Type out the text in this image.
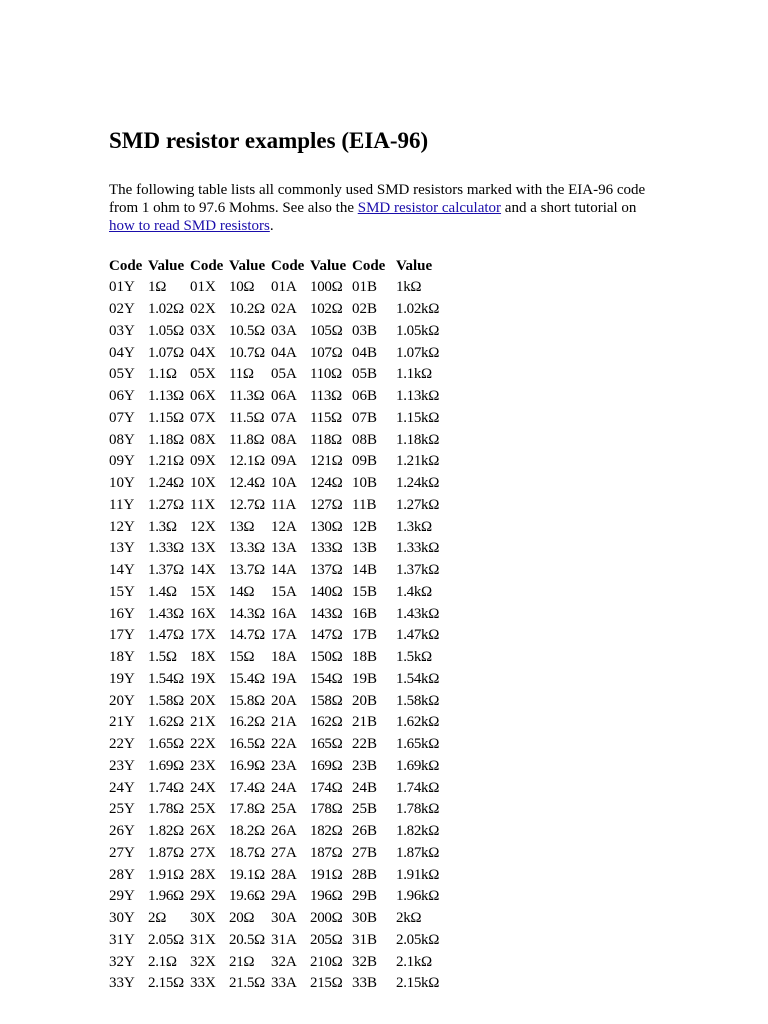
SMD resistor examples (EIA-96)
The following table lists all commonly used SMD resistors marked with the EIA-96 code from 1 ohm to 97.6 Mohms. See also the SMD resistor calculator and a short tutorial on how to read SMD resistors.
Code	Value	Code	Value	Code	Value	Code	Value
01Y	1Ω	01X	10Ω	01A	100Ω	01B	1kΩ
02Y	1.02Ω	02X	10.2Ω	02A	102Ω	02B	1.02kΩ
03Y	1.05Ω	03X	10.5Ω	03A	105Ω	03B	1.05kΩ
04Y	1.07Ω	04X	10.7Ω	04A	107Ω	04B	1.07kΩ
05Y	1.1Ω	05X	11Ω	05A	110Ω	05B	1.1kΩ
06Y	1.13Ω	06X	11.3Ω	06A	113Ω	06B	1.13kΩ
07Y	1.15Ω	07X	11.5Ω	07A	115Ω	07B	1.15kΩ
08Y	1.18Ω	08X	11.8Ω	08A	118Ω	08B	1.18kΩ
09Y	1.21Ω	09X	12.1Ω	09A	121Ω	09B	1.21kΩ
10Y	1.24Ω	10X	12.4Ω	10A	124Ω	10B	1.24kΩ
11Y	1.27Ω	11X	12.7Ω	11A	127Ω	11B	1.27kΩ
12Y	1.3Ω	12X	13Ω	12A	130Ω	12B	1.3kΩ
13Y	1.33Ω	13X	13.3Ω	13A	133Ω	13B	1.33kΩ
14Y	1.37Ω	14X	13.7Ω	14A	137Ω	14B	1.37kΩ
15Y	1.4Ω	15X	14Ω	15A	140Ω	15B	1.4kΩ
16Y	1.43Ω	16X	14.3Ω	16A	143Ω	16B	1.43kΩ
17Y	1.47Ω	17X	14.7Ω	17A	147Ω	17B	1.47kΩ
18Y	1.5Ω	18X	15Ω	18A	150Ω	18B	1.5kΩ
19Y	1.54Ω	19X	15.4Ω	19A	154Ω	19B	1.54kΩ
20Y	1.58Ω	20X	15.8Ω	20A	158Ω	20B	1.58kΩ
21Y	1.62Ω	21X	16.2Ω	21A	162Ω	21B	1.62kΩ
22Y	1.65Ω	22X	16.5Ω	22A	165Ω	22B	1.65kΩ
23Y	1.69Ω	23X	16.9Ω	23A	169Ω	23B	1.69kΩ
24Y	1.74Ω	24X	17.4Ω	24A	174Ω	24B	1.74kΩ
25Y	1.78Ω	25X	17.8Ω	25A	178Ω	25B	1.78kΩ
26Y	1.82Ω	26X	18.2Ω	26A	182Ω	26B	1.82kΩ
27Y	1.87Ω	27X	18.7Ω	27A	187Ω	27B	1.87kΩ
28Y	1.91Ω	28X	19.1Ω	28A	191Ω	28B	1.91kΩ
29Y	1.96Ω	29X	19.6Ω	29A	196Ω	29B	1.96kΩ
30Y	2Ω	30X	20Ω	30A	200Ω	30B	2kΩ
31Y	2.05Ω	31X	20.5Ω	31A	205Ω	31B	2.05kΩ
32Y	2.1Ω	32X	21Ω	32A	210Ω	32B	2.1kΩ
33Y	2.15Ω	33X	21.5Ω	33A	215Ω	33B	2.15kΩ
